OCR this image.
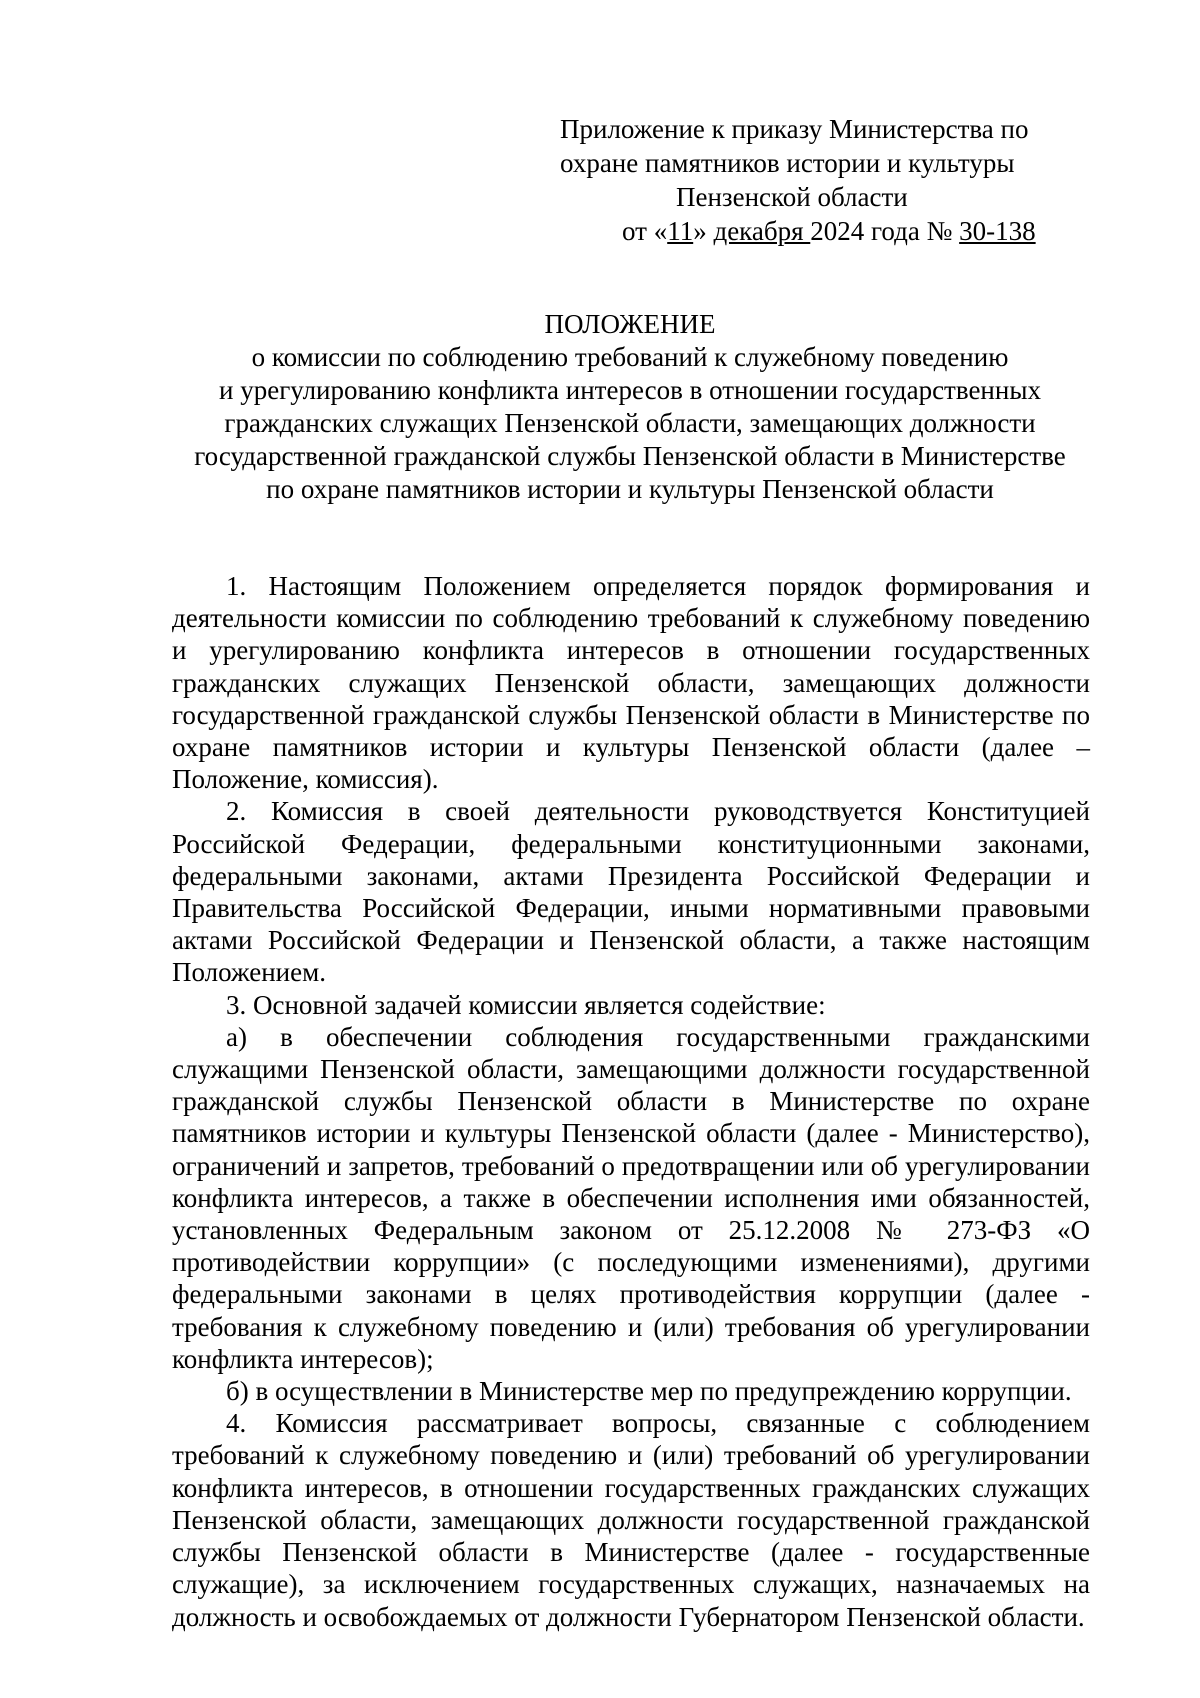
Приложение к приказу Министерства по
охране памятников истории и культуры
Пензенской области
от «11» декабря 2024 года № 30-138
ПОЛОЖЕНИЕ
о комиссии по соблюдению требований к служебному поведению
и урегулированию конфликта интересов в отношении государственных
гражданских служащих Пензенской области, замещающих должности
государственной гражданской службы Пензенской области в Министерстве
по охране памятников истории и культуры Пензенской области

1. Настоящим Положением определяется порядок формирования и деятельности комиссии по соблюдению требований к служебному поведению и урегулированию конфликта интересов в отношении государственных гражданских служащих Пензенской области, замещающих должности государственной гражданской службы Пензенской области в Министерстве по охране памятников истории и культуры Пензенской области (далее – Положение, комиссия).

2. Комиссия в своей деятельности руководствуется Конституцией Российской Федерации, федеральными конституционными законами, федеральными законами, актами Президента Российской Федерации и Правительства Российской Федерации, иными нормативными правовыми актами Российской Федерации и Пензенской области, а также настоящим Положением.

3. Основной задачей комиссии является содействие:

а) в обеспечении соблюдения государственными гражданскими служащими Пензенской области, замещающими должности государственной гражданской службы Пензенской области в Министерстве по охране памятников истории и культуры Пензенской области (далее - Министерство), ограничений и запретов, требований о предотвращении или об урегулировании конфликта интересов, а также в обеспечении исполнения ими обязанностей, установленных Федеральным законом от 25.12.2008 № 273-ФЗ «О противодействии коррупции» (с последующими изменениями), другими федеральными законами в целях противодействия коррупции (далее - требования к служебному поведению и (или) требования об урегулировании конфликта интересов);

б) в осуществлении в Министерстве мер по предупреждению коррупции.

4. Комиссия рассматривает вопросы, связанные с соблюдением требований к служебному поведению и (или) требований об урегулировании конфликта интересов, в отношении государственных гражданских служащих Пензенской области, замещающих должности государственной гражданской службы Пензенской области в Министерстве (далее - государственные служащие), за исключением государственных служащих, назначаемых на должность и освобождаемых от должности Губернатором Пензенской области.
